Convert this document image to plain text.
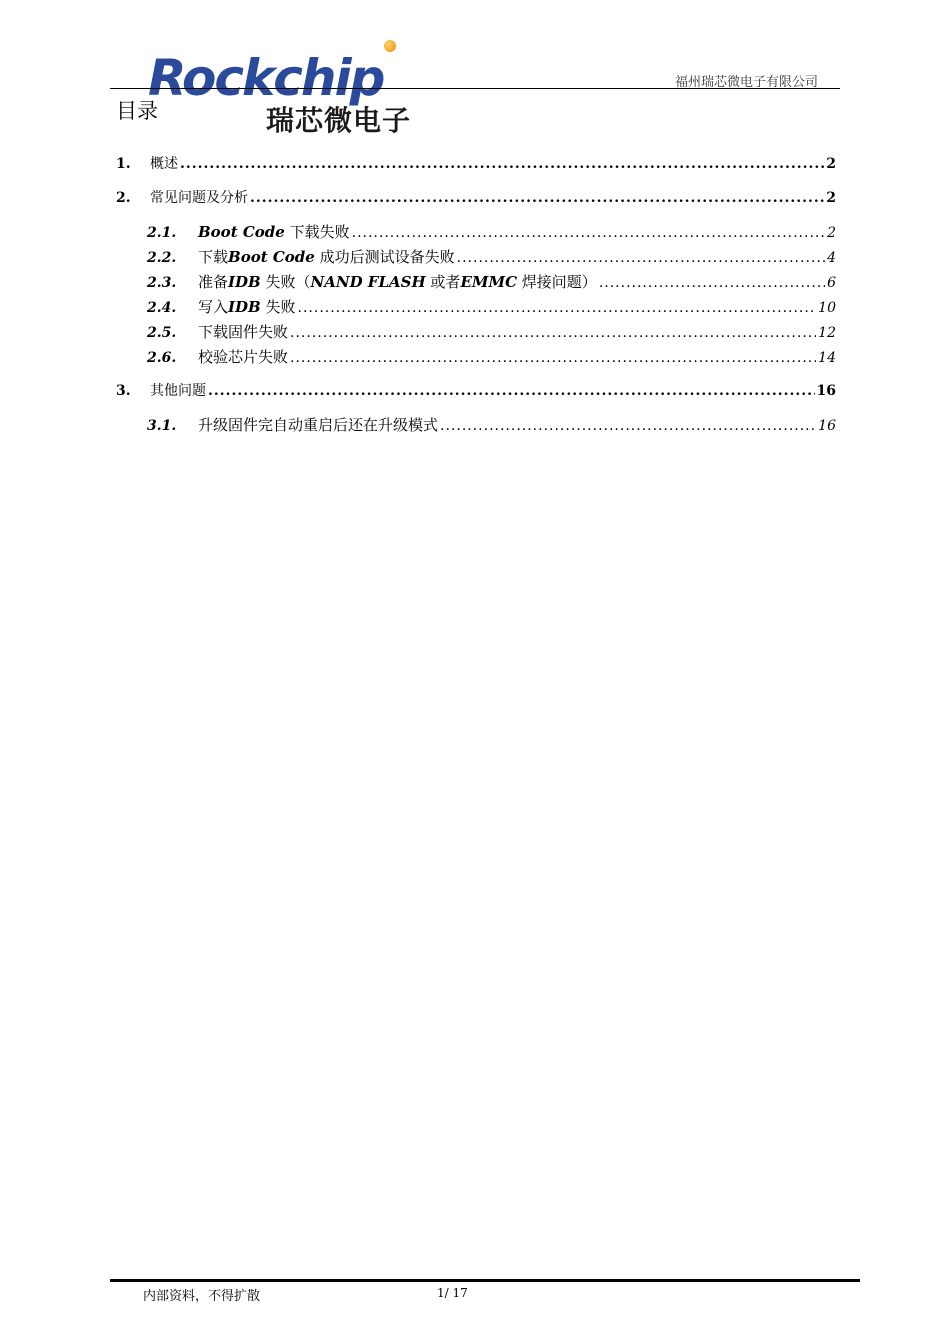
Rockchip
瑞芯微电子
福州瑞芯微电子有限公司
目录
1.	概述 .....	2
2.	常见问题及分析 .....	2
2.1.	Boot Code 下载失败 .....	2
2.2.	下载Boot Code 成功后测试设备失败 .....	4
2.3.	准备IDB 失败（NAND FLASH 或者EMMC 焊接问题） .....	6
2.4.	写入IDB 失败 .....	10
2.5.	下载固件失败 .....	12
2.6.	校验芯片失败 .....	14
3.	其他问题 .....	16
3.1.	升级固件完自动重启后还在升级模式 .....	16
内部资料，不得扩散	1/ 17
